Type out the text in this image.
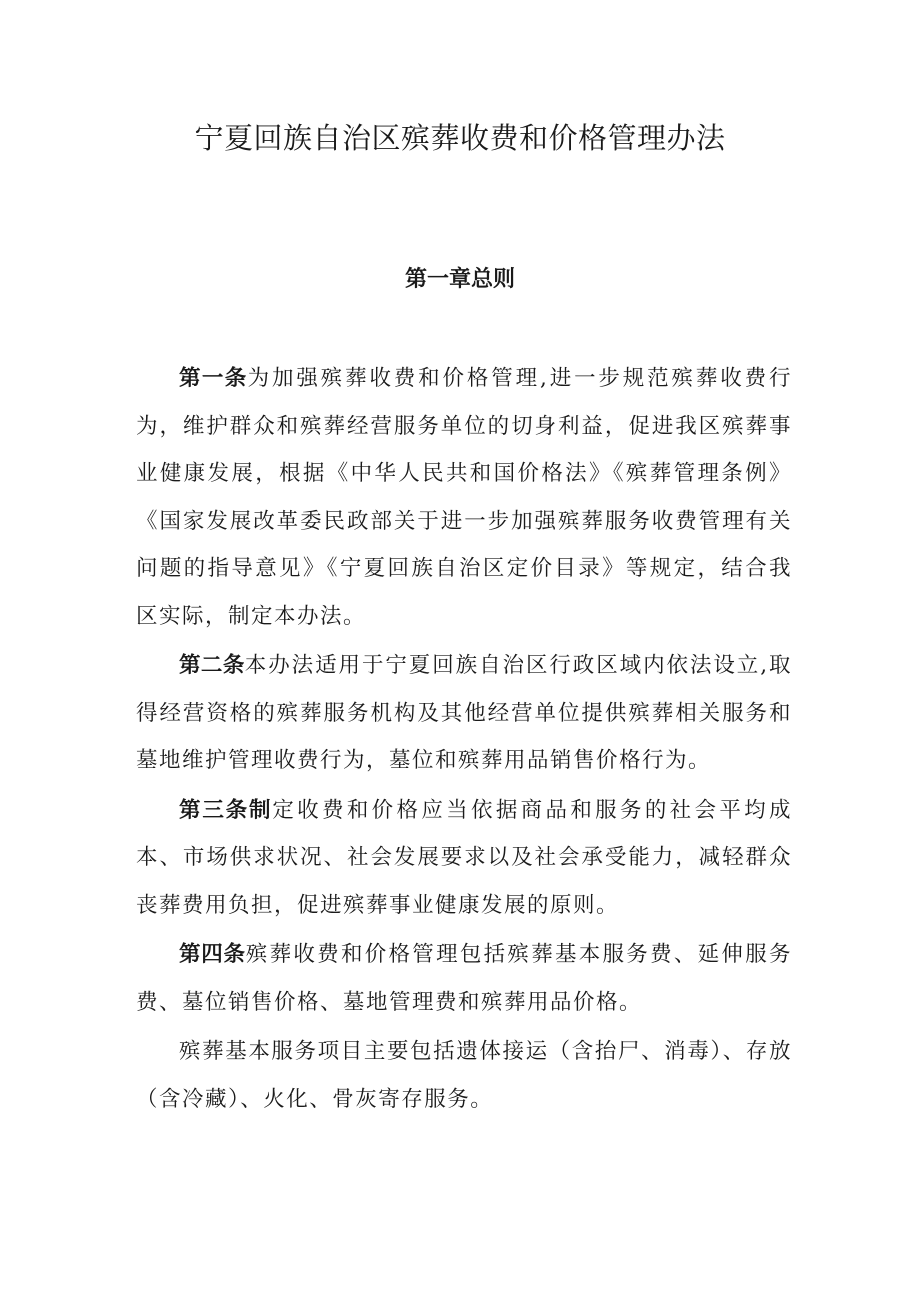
宁夏回族自治区殡葬收费和价格管理办法
第一章总则

第一条为加强殡葬收费和价格管理,进一步规范殡葬收费行为，维护群众和殡葬经营服务单位的切身利益，促进我区殡葬事业健康发展，根据《中华人民共和国价格法》《殡葬管理条例》《国家发展改革委民政部关于进一步加强殡葬服务收费管理有关问题的指导意见》《宁夏回族自治区定价目录》等规定，结合我区实际，制定本办法。

第二条本办法适用于宁夏回族自治区行政区域内依法设立,取得经营资格的殡葬服务机构及其他经营单位提供殡葬相关服务和墓地维护管理收费行为，墓位和殡葬用品销售价格行为。

第三条制定收费和价格应当依据商品和服务的社会平均成本、市场供求状况、社会发展要求以及社会承受能力，减轻群众丧葬费用负担，促进殡葬事业健康发展的原则。

第四条殡葬收费和价格管理包括殡葬基本服务费、延伸服务费、墓位销售价格、墓地管理费和殡葬用品价格。

殡葬基本服务项目主要包括遗体接运（含抬尸、消毒）、存放（含冷藏）、火化、骨灰寄存服务。
